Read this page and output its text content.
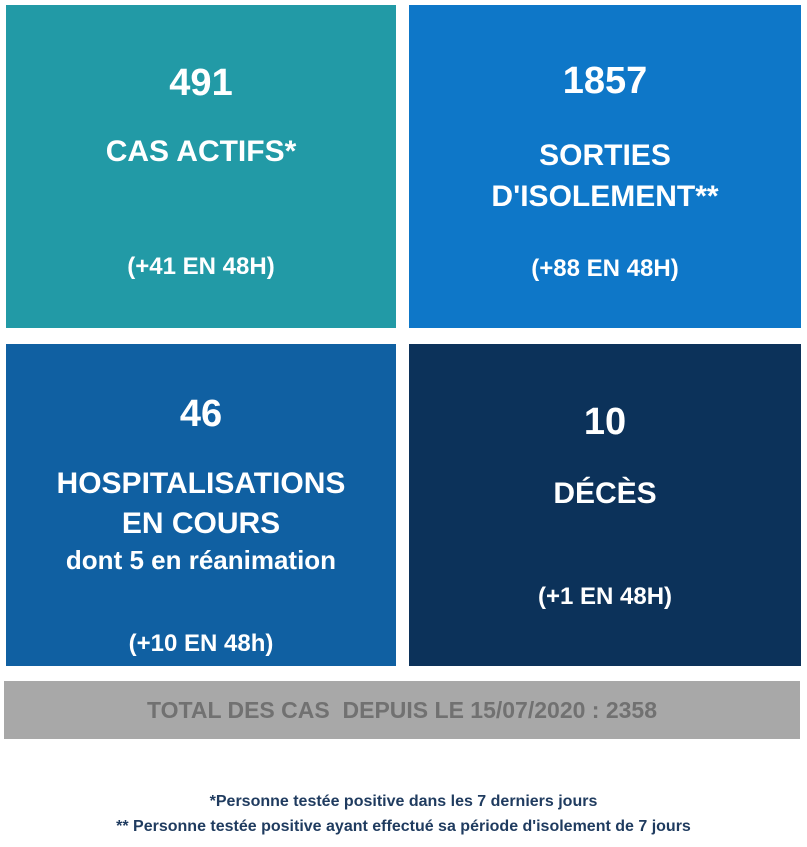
491
CAS ACTIFS*
(+41 EN 48H)
1857
SORTIES
D'ISOLEMENT**
(+88 EN 48H)
46
HOSPITALISATIONS
EN COURS
dont 5 en réanimation
(+10 EN 48h)
10
DÉCÈS
(+1 EN 48H)
TOTAL DES CAS  DEPUIS LE 15/07/2020 : 2358
*Personne testée positive dans les 7 derniers jours
** Personne testée positive ayant effectué sa période d'isolement de 7 jours
